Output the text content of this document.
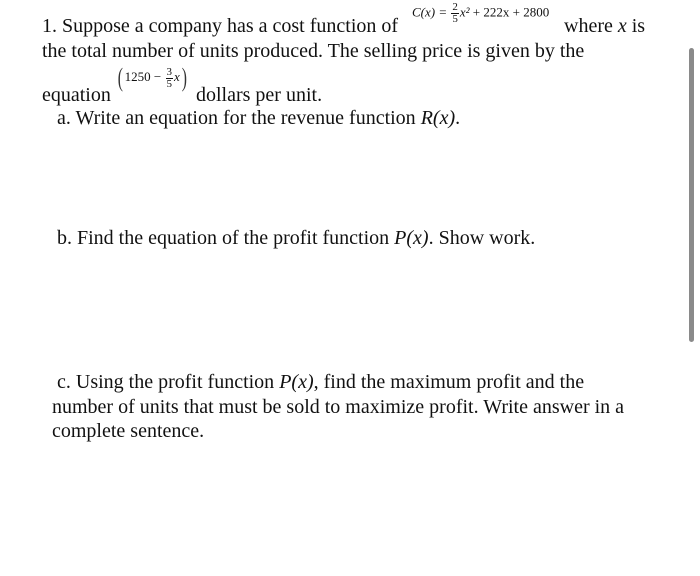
1. Suppose a company has a cost function of
$C(x) = \frac{2}{5} x^2 + 222x + 2800$
where x is
the total number of units produced. The selling price is given by the
equation
( $1250 - \frac{3}{5} x$)
dollars per unit.
a. Write an equation for the revenue function R(x).
b. Find the equation of the profit function P(x). Show work.
c. Using the profit function P(x), find the maximum profit and the
number of units that must be sold to maximize profit. Write answer in a
complete sentence.
